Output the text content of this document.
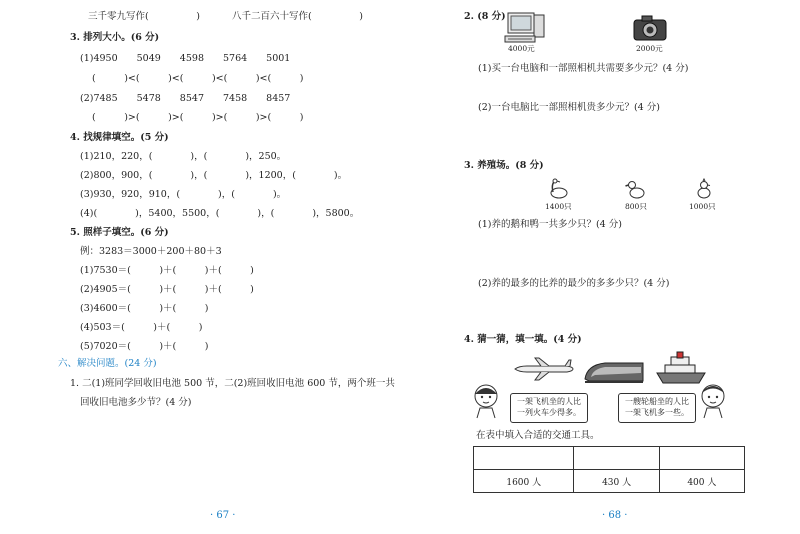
三千零九写作(　　　　　)	八千二百六十写作(　　　　　)
3. 排列大小。(6 分)
(1)4950　　5049　　4598　　5764　　5001
(　　　)<(　　　)<(　　　)<(　　　)<(　　　)
(2)7485　　5478　　8547　　7458　　8457
(　　　)>(　　　)>(　　　)>(　　　)>(　　　)
4. 找规律填空。(5 分)
(1)210，220，(　　　　)，(　　　　)，250。
(2)800，900，(　　　　)，(　　　　)，1200，(　　　　)。
(3)930，920，910，(　　　　)，(　　　　)。
(4)(　　　　)，5400，5500，(　　　　)，(　　　　)，5800。
5. 照样子填空。(6 分)
例：3283＝3000＋200＋80＋3
(1)7530＝(　　　)＋(　　　)＋(　　　)
(2)4905＝(　　　)＋(　　　)＋(　　　)
(3)4600＝(　　　)＋(　　　)
(4)503＝(　　　)＋(　　　)
(5)7020＝(　　　)＋(　　　)
六、解决问题。(24 分)
1. 二(1)班同学回收旧电池 500 节，二(2)班回收旧电池 600 节，两个班一共
回收旧电池多少节？(4 分)
· 67 ·
2. (8 分)
4000元	2000元
(1)买一台电脑和一部照相机共需要多少元？(4 分)
(2)一台电脑比一部照相机贵多少元？(4 分)
3. 养殖场。(8 分)
1400只	800只	1000只
(1)养的鹅和鸭一共多少只？(4 分)
(2)养的最多的比养的最少的多多少只？(4 分)
4. 猜一猜，填一填。(4 分)
一架飞机坐的人比
一列火车少得多。
一艘轮船坐的人比
一架飞机多一些。
在表中填入合适的交通工具。

1600 人	430 人	400 人
· 68 ·
